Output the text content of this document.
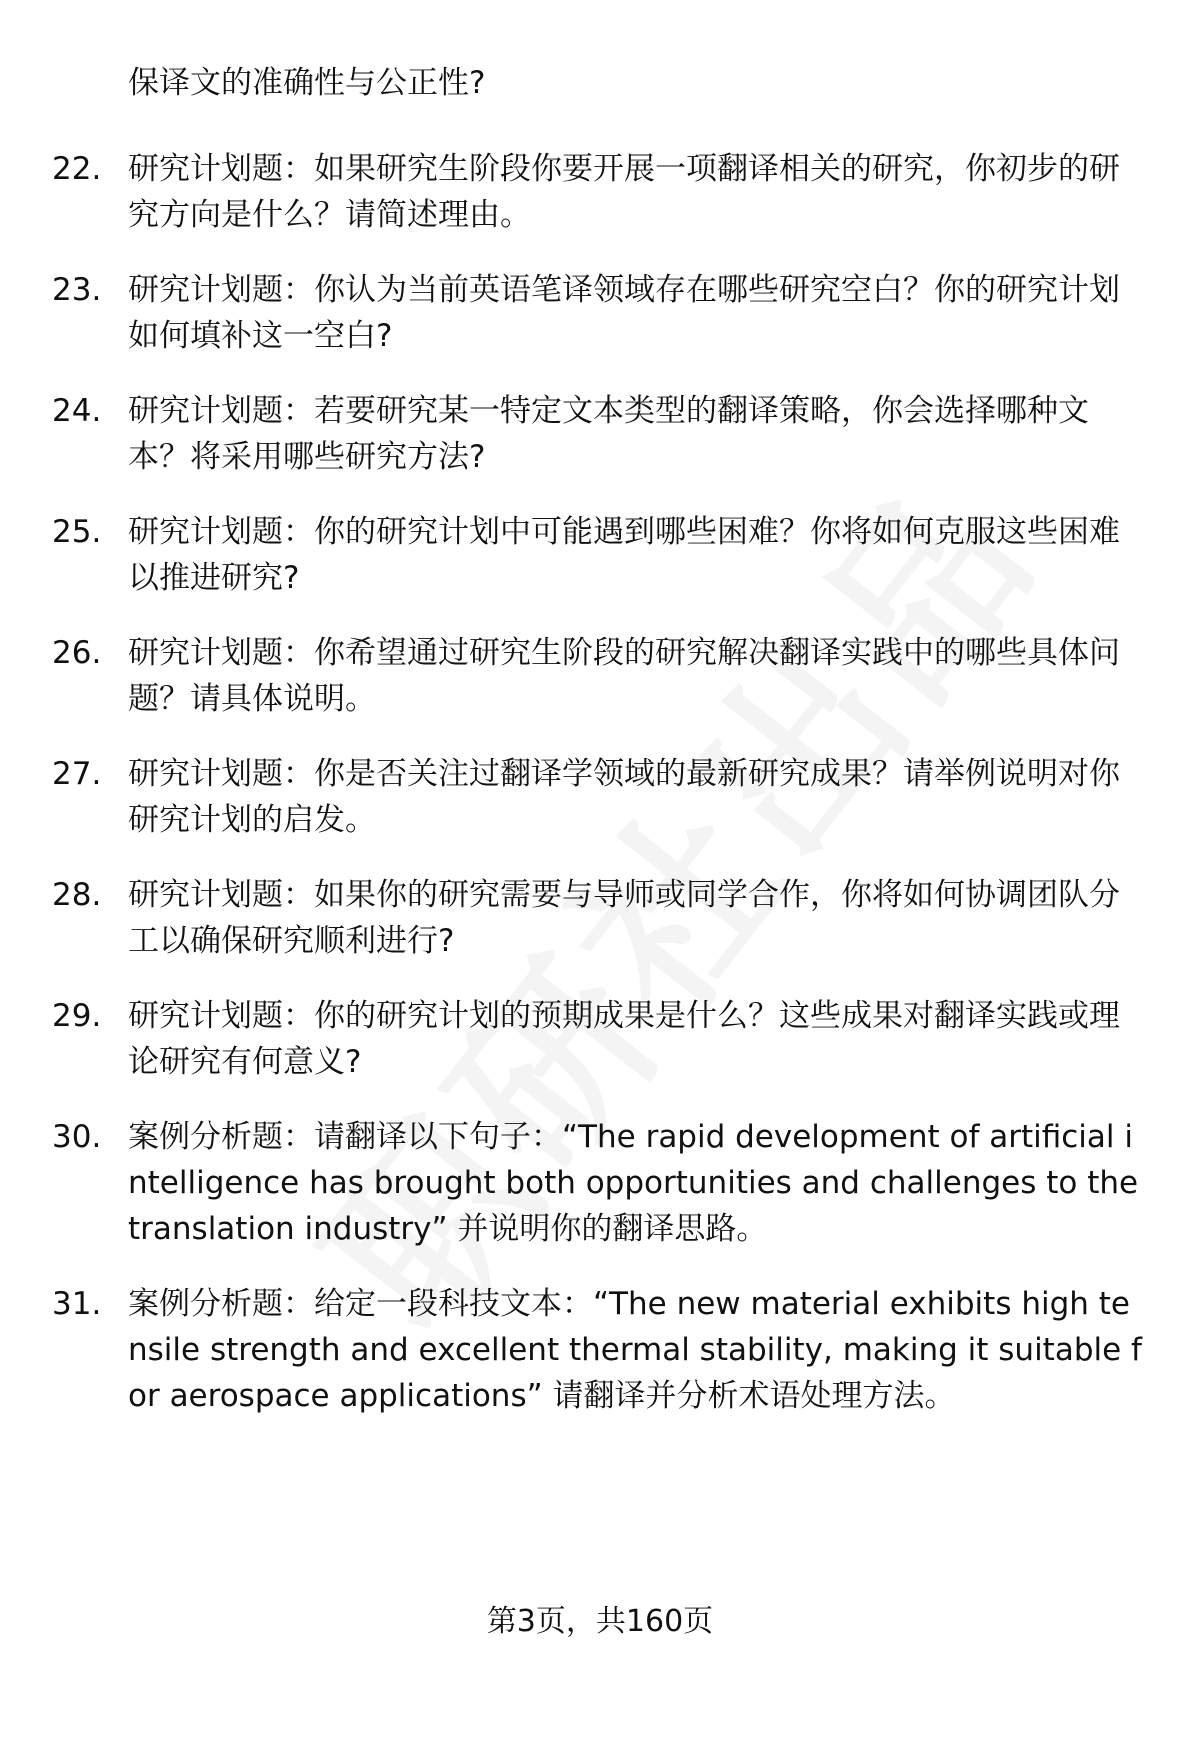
保译文的准确性与公正性?
22. 研究计划题：如果研究生阶段你要开展一项翻译相关的研究，你初步的研究方向是什么？请简述理由。
23. 研究计划题：你认为当前英语笔译领域存在哪些研究空白？你的研究计划如何填补这一空白?
24. 研究计划题：若要研究某一特定文本类型的翻译策略，你会选择哪种文本？将采用哪些研究方法?
25. 研究计划题：你的研究计划中可能遇到哪些困难？你将如何克服这些困难以推进研究?
26. 研究计划题：你希望通过研究生阶段的研究解决翻译实践中的哪些具体问题？请具体说明。
27. 研究计划题：你是否关注过翻译学领域的最新研究成果？请举例说明对你研究计划的启发。
28. 研究计划题：如果你的研究需要与导师或同学合作，你将如何协调团队分工以确保研究顺利进行?
29. 研究计划题：你的研究计划的预期成果是什么？这些成果对翻译实践或理论研究有何意义?
30. 案例分析题：请翻译以下句子：“The rapid development of artificial intelligence has brought both opportunities and challenges to the translation industry” 并说明你的翻译思路。
31. 案例分析题：给定一段科技文本：“The new material exhibits high tensile strength and excellent thermal stability, making it suitable for aerospace applications” 请翻译并分析术语处理方法。
第3页，共160页
